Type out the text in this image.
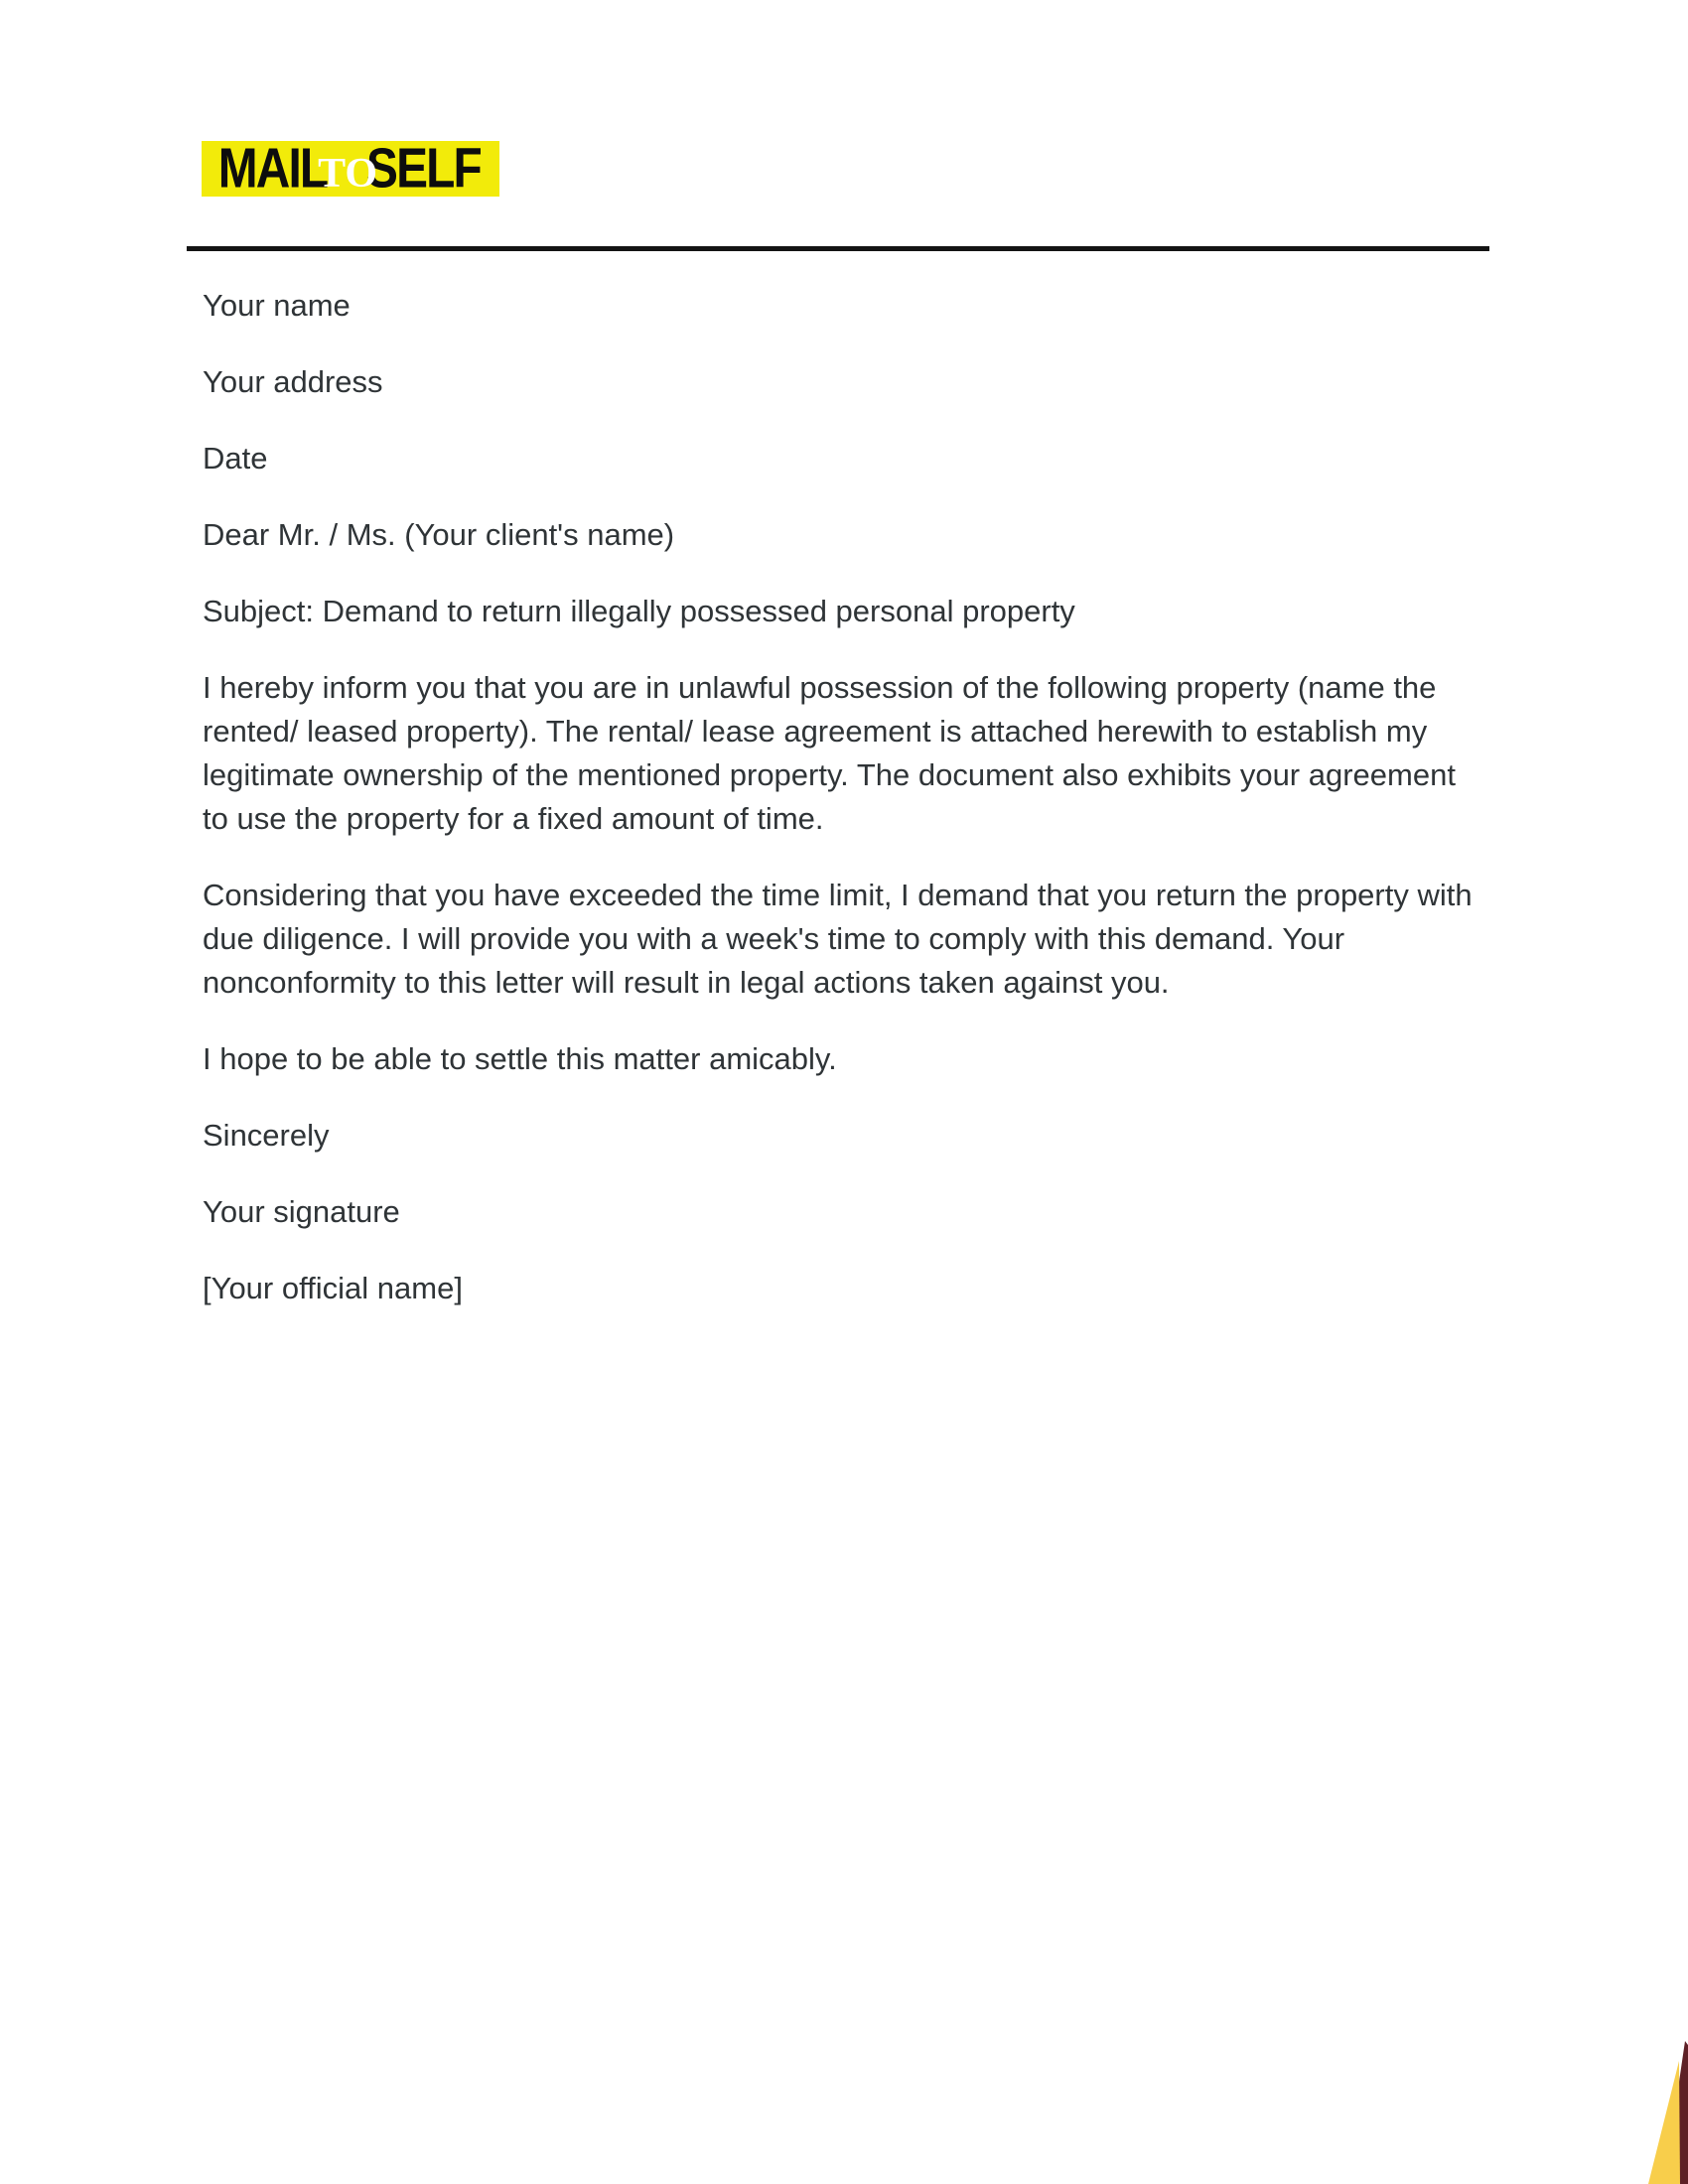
MAIL
TO
SELF

Your name

Your address

Date

Dear Mr. / Ms. (Your client's name)

Subject: Demand to return illegally possessed personal property

I hereby inform you that you are in unlawful possession of the following property (name the rented/ leased property). The rental/ lease agreement is attached herewith to establish my legitimate ownership of the mentioned property. The document also exhibits your agreement to use the property for a fixed amount of time.

Considering that you have exceeded the time limit, I demand that you return the property with due diligence. I will provide you with a week's time to comply with this demand. Your nonconformity to this letter will result in legal actions taken against you.

I hope to be able to settle this matter amicably.

Sincerely

Your signature

[Your official name]
